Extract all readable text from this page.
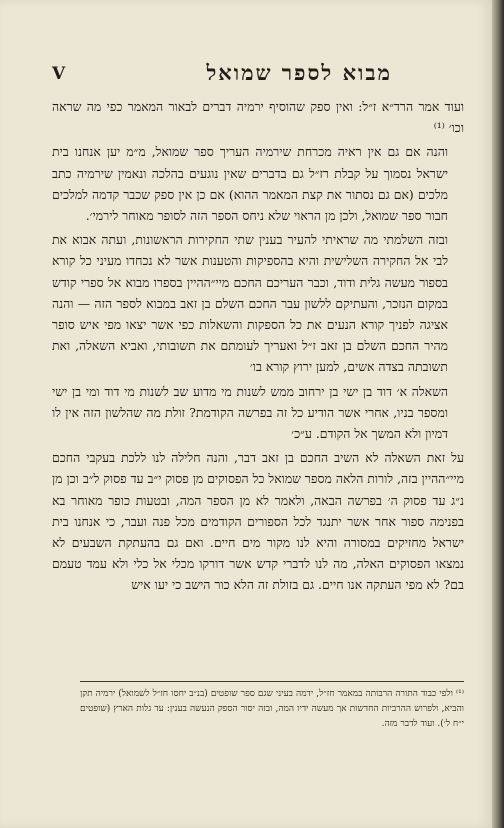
מבוא לספר שמואל
V

ועוד אמר הרד״א ז״ל: ואין ספק שהוסיף ירמיה דברים לבאור המאמר כפי מה שראה וכו׳ ⁽¹⁾

והנה אם גם אין ראיה מכרחת שירמיה העריך ספר שמואל, מ״מ יען אנחנו בית ישראל נסמוך על קבלת רז״ל גם בדברים שאין נוגעים בהלכה ונאמין שירמיה כתב מלכים (אם גם נסתור את קצת המאמר ההוא) אם כן אין ספק שכבר קדמה למלכים חבור ספר שמואל, ולכן מן הראוי שלא ניחס הספר הזה לסופר מאוחר לירמי׳.

ובזה השלמתי מה שראיתי להעיר בענין שתי החקירות הראשונות, ועתה אבוא את לבי אל החקירה השלישית והיא בהספיקות והטענות אשר לא נכחדו מעיני כל קורא בספור מעשה גלית ודוד, וכבר העריכם החכם מיי״ההיין בספרו מבוא אל ספרי קודש במקום הנזכר, והעתיקם ללשון עבר החכם השלם בן זאב במבוא לספר הזה — והנה אציגה לפניך קורא הנעים את כל הספקות והשאלות כפי אשר יצאו מפי איש סופר מהיר החכם השלם בן זאב ז״ל ואעריך לעומתם את תשובותי, ואביא השאלה, ואת תשובתה בצדה אשים, למען ירוץ קורא בו׳

השאלה א׳ דוד בן ישי בן ירחוב ממש לשנות מי מדוע שב לשנות מי דוד ומי בן ישי ומספר בניו, אחרי אשר הודיע כל זה בפרשה הקודמת? זולת מה שהלשון הזה אין לו דמיון ולא המשך אל הקודם. ע״כ׳

על זאת השאלה לא השיב החכם בן זאב דבר, והנה חלילה לנו ללכת בעקבי החכם מיי״ההיין בזה, לורות הלאה מספר שמואל כל הפסוקים מן פסוק י״ב עד פסוק ל״ב וכן מן נ״ג עד פסוק ה׳ בפרשה הבאה, ולאמר לא מן הספר המה, ובטעות כופר מאוחר בא בפנימה ספור אחר אשר יתנגד לכל הספורים הקודמים מכל פנה ועבר, כי אנחנו בית ישראל מחזיקים במסורה והיא לנו מקור מים חיים. ואם גם בהעתקת השבעים לא נמצאו הפסוקים האלה, מה לנו לדברי קדש אשר דורקו מכלי אל כלי ולא עמד טעמם בם? לא מפי העתקה אנו חיים. גם בזולת זה הלא כור הישב כי יעו איש

⁽¹⁾ ולפי כבוד התורה הרבותה במאמר חז״ל, ידמה בעיני שגם ספר שופטים (בנ״ב יחסו חז״ל לשמואל) ירמיה תקן והביא, ולפרוש ההרביות החדשות אך מעשה ידיו המה, ובזה יסור הספק הנעשה בענין: עד גלות הארץ (שופטים י״ח ל׳). ועוד לדבר מזה.
